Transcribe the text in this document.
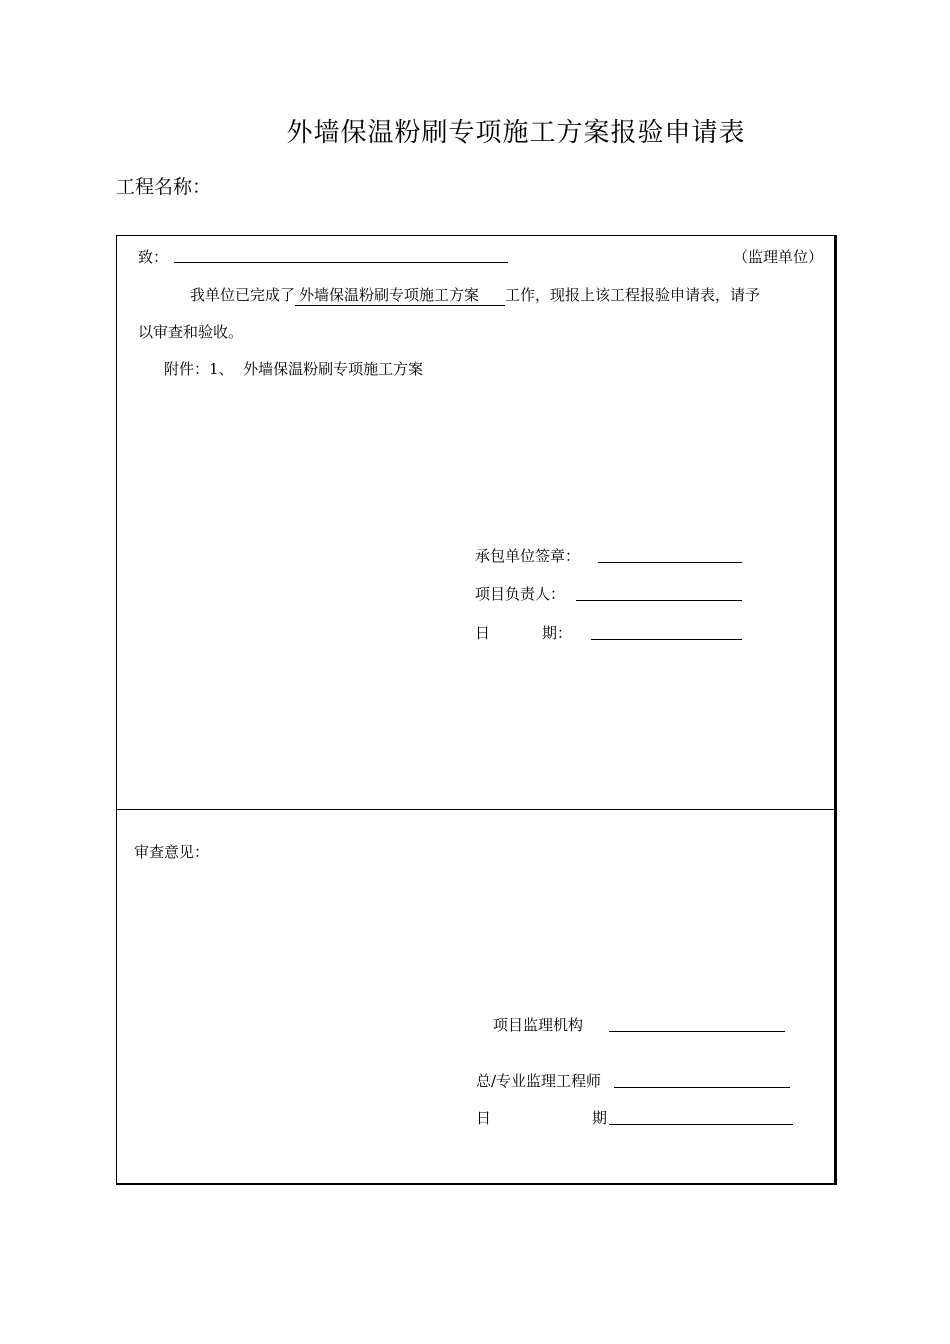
外墙保温粉刷专项施工方案报验申请表
工程名称：
致：	（监理单位）
我单位已完成了 外墙保温粉刷专项施工方案 工作，现报上该工程报验申请表，请予
以审查和验收。
附件：1、  外墙保温粉刷专项施工方案
承包单位签章：
项目负责人：
日	期：
审查意见：
项目监理机构
总/专业监理工程师
日	期
